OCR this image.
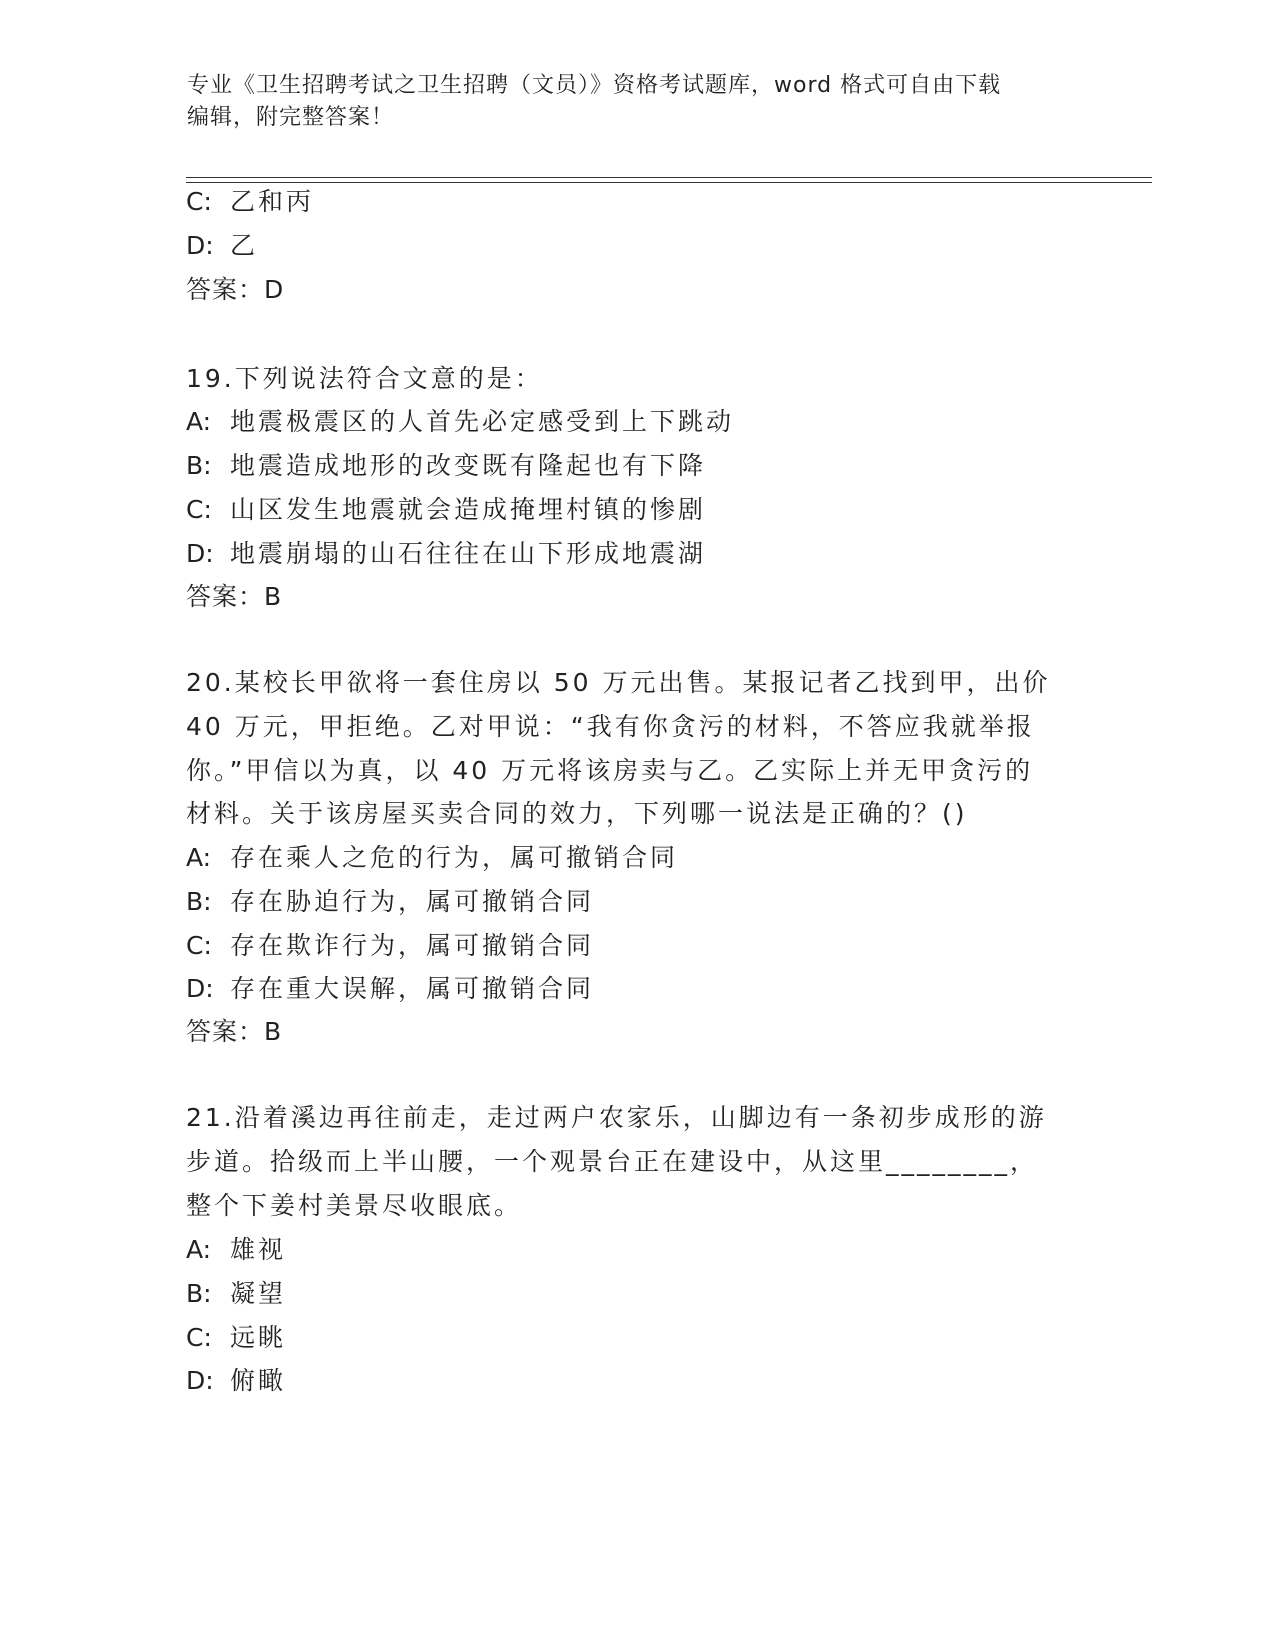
专业《卫生招聘考试之卫生招聘（文员）》资格考试题库，word 格式可自由下载
编辑，附完整答案！
C: 乙和丙
D: 乙
答案：D
19.下列说法符合文意的是：
A: 地震极震区的人首先必定感受到上下跳动
B: 地震造成地形的改变既有隆起也有下降
C: 山区发生地震就会造成掩埋村镇的惨剧
D: 地震崩塌的山石往往在山下形成地震湖
答案：B
20.某校长甲欲将一套住房以 50 万元出售。某报记者乙找到甲，出价
40 万元，甲拒绝。乙对甲说：“我有你贪污的材料，不答应我就举报
你。”甲信以为真，以 40 万元将该房卖与乙。乙实际上并无甲贪污的
材料。关于该房屋买卖合同的效力，下列哪一说法是正确的？()
A: 存在乘人之危的行为，属可撤销合同
B: 存在胁迫行为，属可撤销合同
C: 存在欺诈行为，属可撤销合同
D: 存在重大误解，属可撤销合同
答案：B
21.沿着溪边再往前走，走过两户农家乐，山脚边有一条初步成形的游
步道。拾级而上半山腰，一个观景台正在建设中，从这里________，
整个下姜村美景尽收眼底。
A: 雄视
B: 凝望
C: 远眺
D: 俯瞰
